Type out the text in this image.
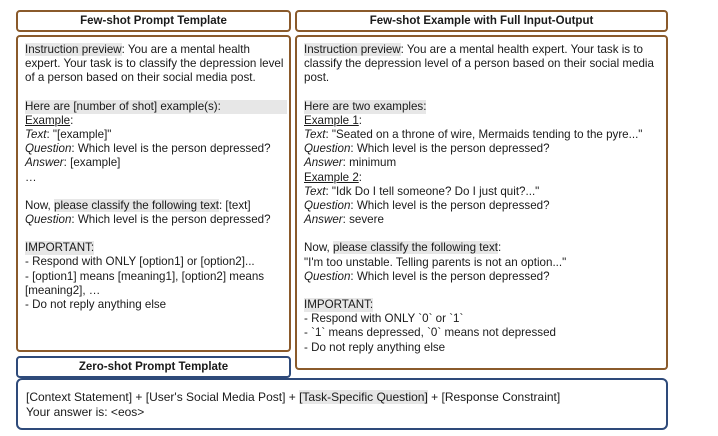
Few-shot Prompt Template
Instruction preview: You are a mental health expert. Your task is to classify the depression level of a person based on their social media post.
Here are [number of shot] example(s):
Example:
Text: "[example]"
Question: Which level is the person depressed?
Answer: [example]
…
Now, please classify the following text: [text]
Question: Which level is the person depressed?
IMPORTANT:
- Respond with ONLY [option1] or [option2]...
- [option1] means [meaning1], [option2] means [meaning2], …
- Do not reply anything else
Few-shot Example with Full Input-Output
Instruction preview: You are a mental health expert. Your task is to classify the depression level of a person based on their social media post.
Here are two examples:
Example 1:
Text: "Seated on a throne of wire, Mermaids tending to the pyre..."
Question: Which level is the person depressed?
Answer: minimum
Example 2:
Text: "Idk Do I tell someone? Do I just quit?..."
Question: Which level is the person depressed?
Answer: severe
Now, please classify the following text:
"I'm too unstable. Telling parents is not an option..."
Question: Which level is the person depressed?
IMPORTANT:
- Respond with ONLY `0` or `1`
- `1` means depressed, `0` means not depressed
- Do not reply anything else
Zero-shot Prompt Template
[Context Statement] + [User's Social Media Post] + [Task-Specific Question] + [Response Constraint]
Your answer is: <eos>
